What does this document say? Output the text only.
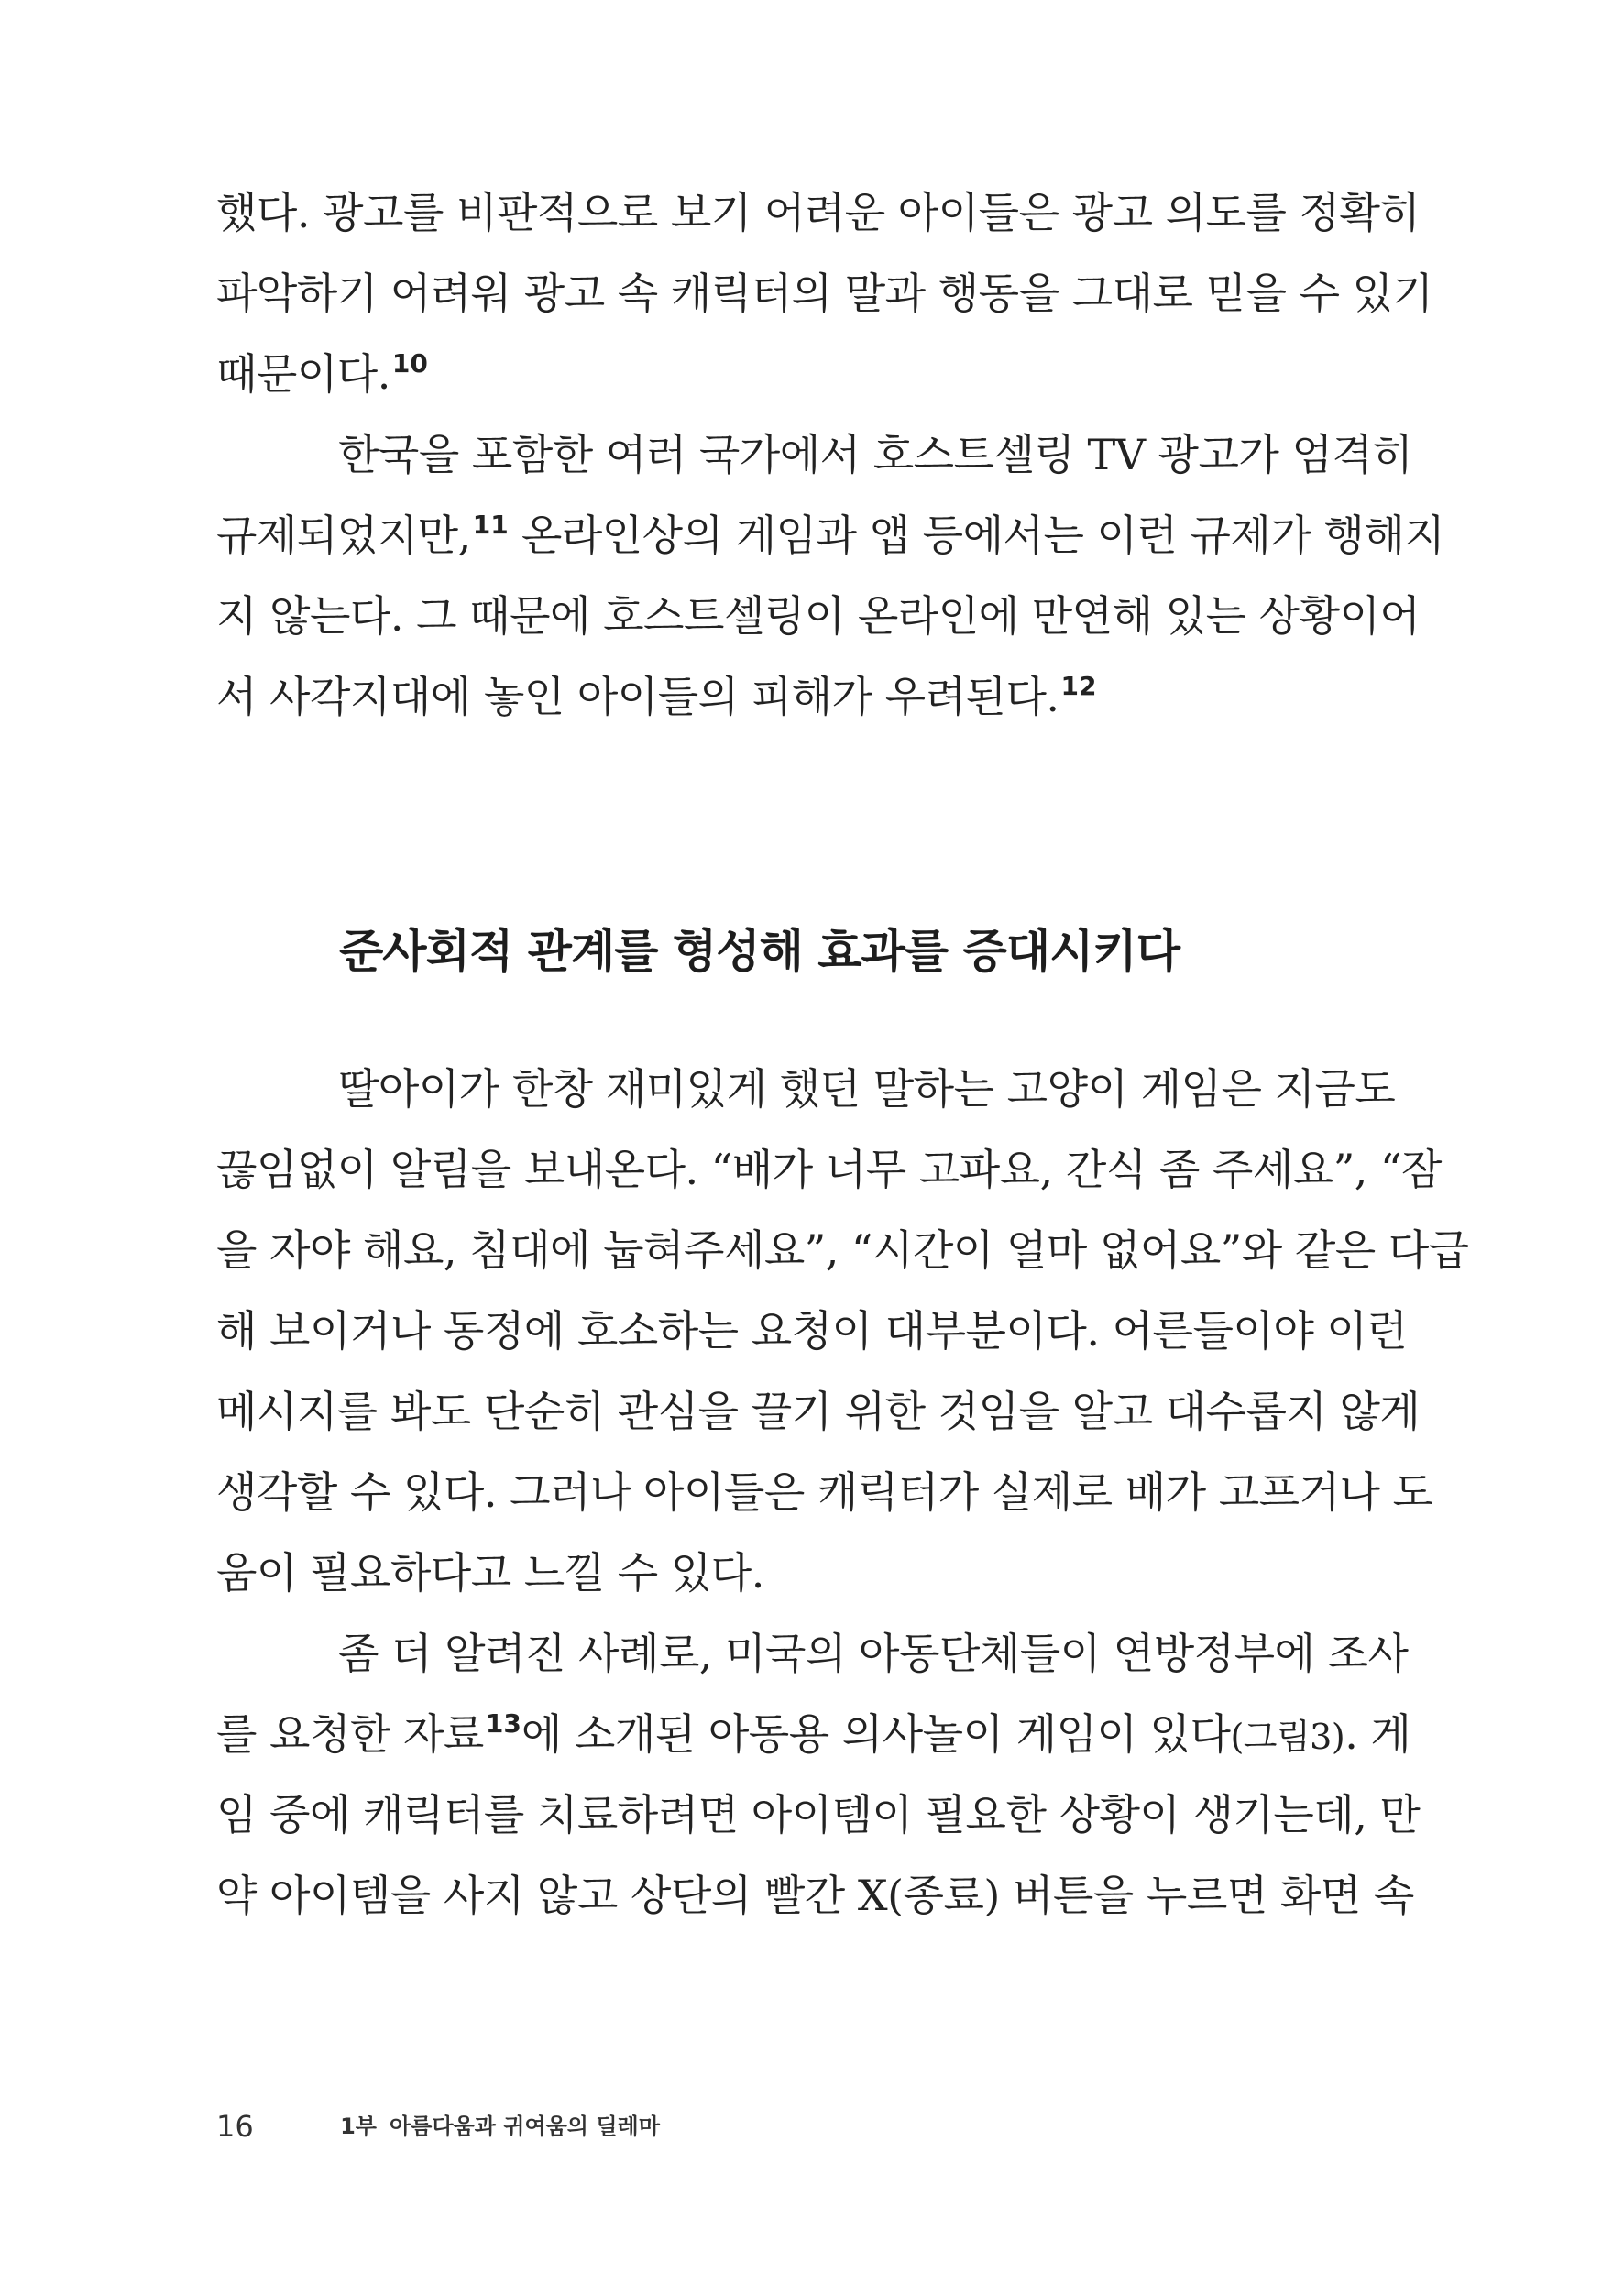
했다. 광고를 비판적으로 보기 어려운 아이들은 광고 의도를 정확히
파악하기 어려워 광고 속 캐릭터의 말과 행동을 그대로 믿을 수 있기
때문이다.$^{10}$
한국을 포함한 여러 국가에서 호스트셀링 TV 광고가 엄격히
규제되었지만,$^{11}$ 온라인상의 게임과 앱 등에서는 이런 규제가 행해지
지 않는다. 그 때문에 호스트셀링이 온라인에 만연해 있는 상황이어
서 사각지대에 놓인 아이들의 피해가 우려된다.$^{12}$
준사회적 관계를 형성해 효과를 증대시키다
딸아이가 한창 재미있게 했던 말하는 고양이 게임은 지금도
끊임없이 알림을 보내온다. “배가 너무 고파요, 간식 좀 주세요”, “잠
을 자야 해요, 침대에 눕혀주세요”, “시간이 얼마 없어요”와 같은 다급
해 보이거나 동정에 호소하는 요청이 대부분이다. 어른들이야 이런
메시지를 봐도 단순히 관심을 끌기 위한 것임을 알고 대수롭지 않게
생각할 수 있다. 그러나 아이들은 캐릭터가 실제로 배가 고프거나 도
움이 필요하다고 느낄 수 있다.
좀 더 알려진 사례로, 미국의 아동단체들이 연방정부에 조사
를 요청한 자료$^{13}$에 소개된 아동용 의사놀이 게임이 있다(그림3). 게
임 중에 캐릭터를 치료하려면 아이템이 필요한 상황이 생기는데, 만
약 아이템을 사지 않고 상단의 빨간 X(종료) 버튼을 누르면 화면 속
16	1부 아름다움과 귀여움의 딜레마
